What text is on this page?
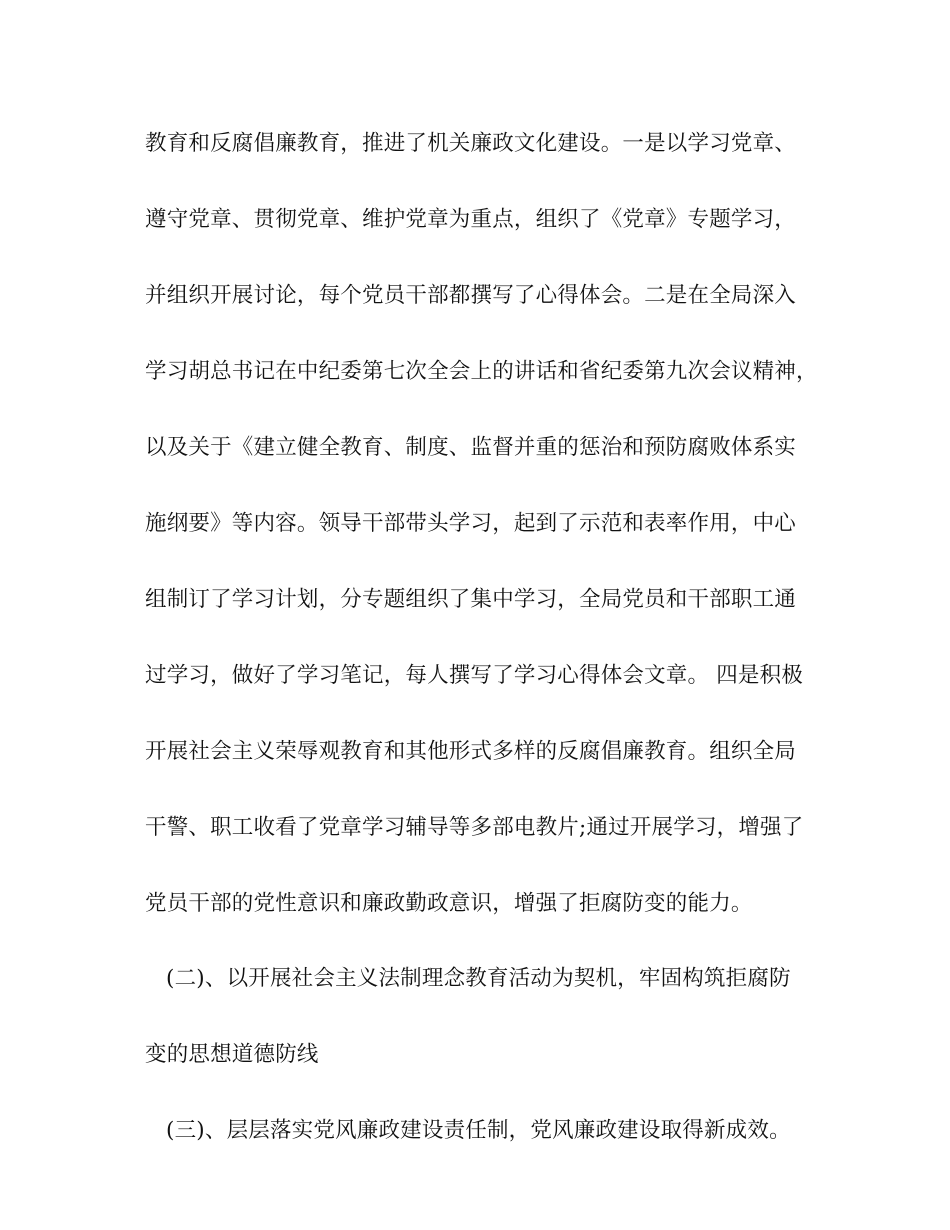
教育和反腐倡廉教育，推进了机关廉政文化建设。一是以学习党章、
遵守党章、贯彻党章、维护党章为重点，组织了《党章》专题学习，
并组织开展讨论，每个党员干部都撰写了心得体会。二是在全局深入
学习胡总书记在中纪委第七次全会上的讲话和省纪委第九次会议精神，
以及关于《建立健全教育、制度、监督并重的惩治和预防腐败体系实
施纲要》等内容。领导干部带头学习，起到了示范和表率作用，中心
组制订了学习计划，分专题组织了集中学习，全局党员和干部职工通
过学习，做好了学习笔记，每人撰写了学习心得体会文章。 四是积极
开展社会主义荣辱观教育和其他形式多样的反腐倡廉教育。组织全局
干警、职工收看了党章学习辅导等多部电教片;通过开展学习，增强了
党员干部的党性意识和廉政勤政意识，增强了拒腐防变的能力。
(二)、以开展社会主义法制理念教育活动为契机，牢固构筑拒腐防
变的思想道德防线
(三)、层层落实党风廉政建设责任制，党风廉政建设取得新成效。
